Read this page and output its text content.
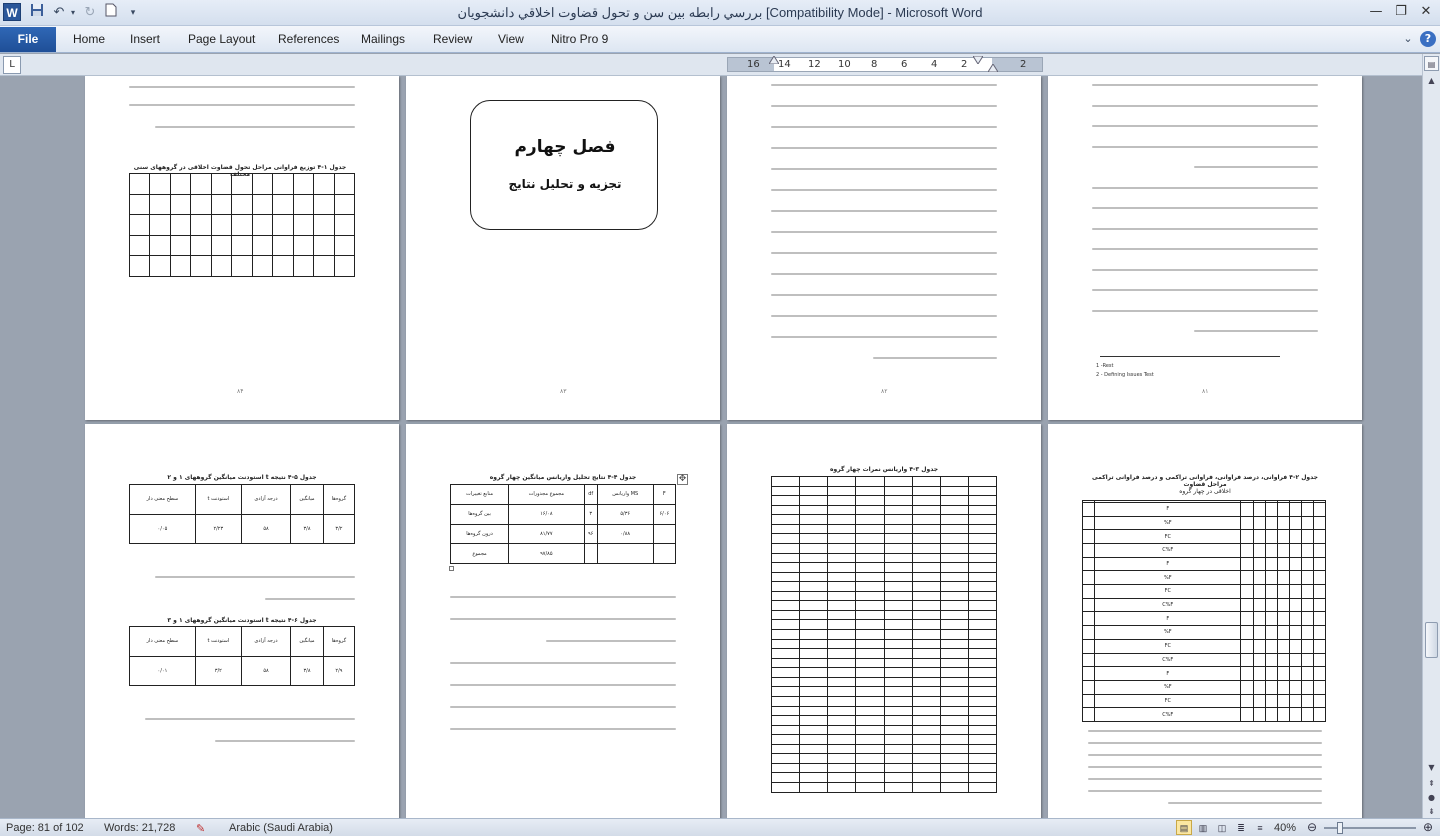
W	↶ ▾ ↻	▾	بررسي رابطه بين سن و تحول قضاوت اخلاقي دانشجويان [Compatibility Mode] - Microsoft Word	— ❐	✕
File	Home Insert Page Layout References Mailings Review View Nitro Pro 9	⌄	?
L	16 14 12 10 8 6 4 2	2	▤
▲
▼
⇞
●
⇟
جدول ۱-۴ توزیع فراوانی مراحل تحول قضاوت اخلاقی در گروههای سنی مختلف

۸۴
فصل چهارم
تجزیه و تحلیل نتایج
۸۳	۸۲
1 -Rest
2 - Defining Issues Test
۸۱
جدول ۵-۴ نتیجه t استودنت میانگین گروههای ۱ و ۲
سطح معنی دار	t استودنت	درجه آزادی	میانگین	گروه‌ها
۰/۰۵	۲/۲۳	۵۸	۳/۸	۳/۲
جدول ۶-۴ نتیجه t استودنت میانگین گروههای ۱ و ۳
سطح معنی دار	t استودنت	درجه آزادی	میانگین	گروه‌ها
۰/۰۱	۳/۲	۵۸	۳/۸	۲/۹
جدول ۴-۴ نتایج تحلیل واریانس میانگین چهار گروه	✥
منابع تغییرات	مجموع مجذورات	df	واریانس MS	F
بین گروه‌ها	۱۶/۰۸	۳	۵/۳۶	۶/۰۶
درون گروه‌ها	۸۱/۷۷	۹۶	۰/۸۸	
مجموع	۹۷/۸۵			
جدول ۳-۴ واریانس نمرات چهار گروه

جدول ۲-۴ فراوانی، درصد فراوانی، فراوانی تراکمی و درصد فراوانی تراکمی مراحل قضاوت
اخلاقی در چهار گروه

	F							
	%F							
	FC							
	C%F							
	F							
	%F							
	FC							
	C%F							
	F							
	%F							
	FC							
	C%F							
	F							
	%F							
	FC							
	C%F							
Page: 81 of 102 Words: 21,728 ✎ Arabic (Saudi Arabia)	▤	▥	◫	≣	≡	40% ⊖	⊕
